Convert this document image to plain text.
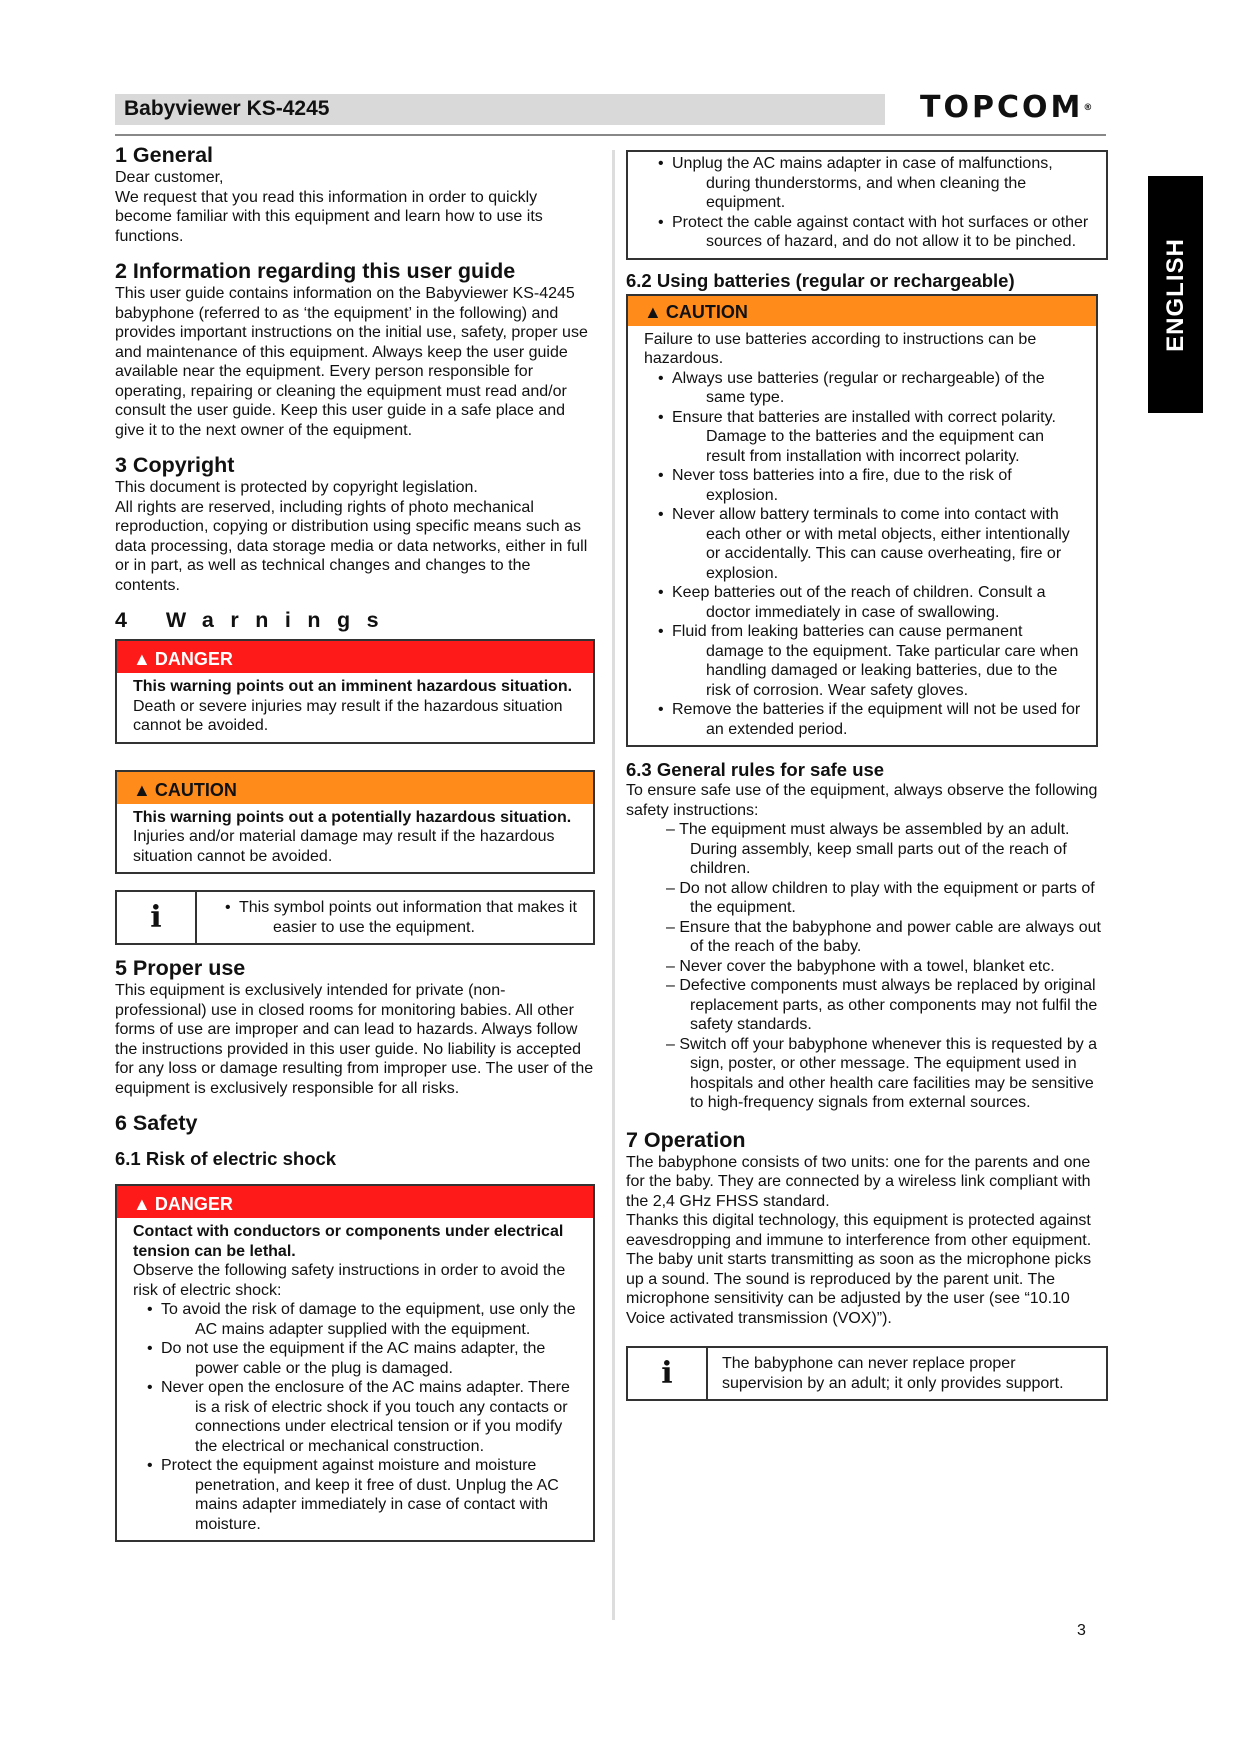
Babyviewer KS-4245	TOPCOM®
ENGLISH
1 General

Dear customer,

We request that you read this information in order to quickly become familiar with this equipment and learn how to use its functions.

2 Information regarding this user guide

This user guide contains information on the Babyviewer KS-4245 babyphone (referred to as ‘the equipment’ in the following) and provides important instructions on the initial use, safety, proper use and maintenance of this equipment. Always keep the user guide available near the equipment. Every person responsible for operating, repairing or cleaning the equipment must read and/or consult the user guide. Keep this user guide in a safe place and give it to the next owner of the equipment.

3 Copyright

This document is protected by copyright legislation.

All rights are reserved, including rights of photo mechanical reproduction, copying or distribution using specific means such as data processing, data storage media or data networks, either in full or in part, as well as technical changes and changes to the contents.

4 Warnings
▲ DANGER
This warning points out an imminent hazardous situation.

Death or severe injuries may result if the hazardous situation cannot be avoided.

▲ CAUTION
This warning points out a potentially hazardous situation.

Injuries and/or material damage may result if the hazardous situation cannot be avoided.

i
•	This symbol points out information that makes it easier to use the equipment.
5 Proper use

This equipment is exclusively intended for private (non-professional) use in closed rooms for monitoring babies. All other forms of use are improper and can lead to hazards. Always follow the instructions provided in this user guide. No liability is accepted for any loss or damage resulting from improper use. The user of the equipment is exclusively responsible for all risks.

6 Safety
6.1 Risk of electric shock
▲ DANGER
Contact with conductors or components under electrical tension can be lethal.

Observe the following safety instructions in order to avoid the risk of electric shock:

• To avoid the risk of damage to the equipment, use only the AC mains adapter supplied with the equipment.
• Do not use the equipment if the AC mains adapter, the power cable or the plug is damaged.
• Never open the enclosure of the AC mains adapter. There is a risk of electric shock if you touch any contacts or connections under electrical tension or if you modify the electrical or mechanical construction.
• Protect the equipment against moisture and moisture penetration, and keep it free of dust. Unplug the AC mains adapter immediately in case of contact with moisture.
• Unplug the AC mains adapter in case of malfunctions, during thunderstorms, and when cleaning the equipment.
• Protect the cable against contact with hot surfaces or other sources of hazard, and do not allow it to be pinched.
6.2 Using batteries (regular or rechargeable)
▲ CAUTION

Failure to use batteries according to instructions can be hazardous.

• Always use batteries (regular or rechargeable) of the same type.
• Ensure that batteries are installed with correct polarity. Damage to the batteries and the equipment can result from installation with incorrect polarity.
• Never toss batteries into a fire, due to the risk of explosion.
• Never allow battery terminals to come into contact with each other or with metal objects, either intentionally or accidentally. This can cause overheating, fire or explosion.
• Keep batteries out of the reach of children. Consult a doctor immediately in case of swallowing.
• Fluid from leaking batteries can cause permanent damage to the equipment. Take particular care when handling damaged or leaking batteries, due to the risk of corrosion. Wear safety gloves.
• Remove the batteries if the equipment will not be used for an extended period.
6.3 General rules for safe use

To ensure safe use of the equipment, always observe the following safety instructions:

– The equipment must always be assembled by an adult. During assembly, keep small parts out of the reach of children.
– Do not allow children to play with the equipment or parts of the equipment.
– Ensure that the babyphone and power cable are always out of the reach of the baby.
– Never cover the babyphone with a towel, blanket etc.
– Defective components must always be replaced by original replacement parts, as other components may not fulfil the safety standards.
– Switch off your babyphone whenever this is requested by a sign, poster, or other message. The equipment used in hospitals and other health care facilities may be sensitive to high-frequency signals from external sources.
7 Operation

The babyphone consists of two units: one for the parents and one for the baby. They are connected by a wireless link compliant with the 2,4 GHz FHSS standard.

Thanks this digital technology, this equipment is protected against eavesdropping and immune to interference from other equipment. The baby unit starts transmitting as soon as the microphone picks up a sound. The sound is reproduced by the parent unit. The microphone sensitivity can be adjusted by the user (see “10.10 Voice activated transmission (VOX)”).

i	The babyphone can never replace proper supervision by an adult; it only provides support.

3
